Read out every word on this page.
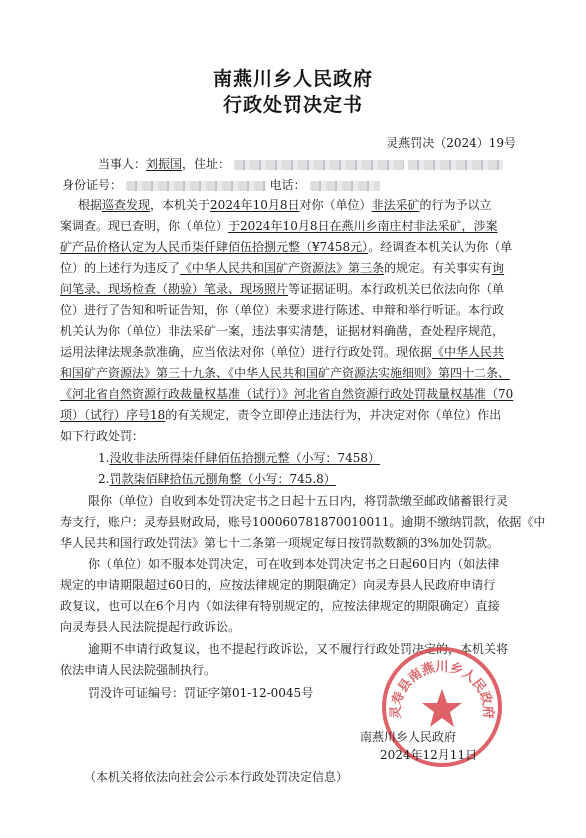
南燕川乡人民政府
行政处罚决定书
灵燕罚决（2024）19号
当事人：刘振国，住址：
身份证号：	电话：
根据巡查发现，本机关于2024年10月8日对你（单位）非法采矿的行为予以立
案调查。现已查明，你（单位）于2024年10月8日在燕川乡南庄村非法采矿，涉案
矿产品价格认定为人民币柒仟肆佰伍拾捌元整（¥7458元）。经调查本机关认为你（单
位）的上述行为违反了《中华人民共和国矿产资源法》第三条的规定。有关事实有询
问笔录、现场检查（勘验）笔录、现场照片等证据证明。本行政机关已依法向你（单
位）进行了告知和听证告知，你（单位）未要求进行陈述、申辩和举行听证。本行政
机关认为你（单位）非法采矿一案，违法事实清楚，证据材料确凿，查处程序规范，
运用法律法规条款准确，应当依法对你（单位）进行行政处罚。现依据《中华人民共
和国矿产资源法》第三十九条、《中华人民共和国矿产资源法实施细则》第四十二条、
《河北省自然资源行政裁量权基准（试行）》河北省自然资源行政处罚裁量权基准（70
项）（试行）序号18的有关规定，责令立即停止违法行为，并决定对你（单位）作出
如下行政处罚：
1.没收非法所得柒仟肆佰伍拾捌元整（小写：7458）
2.罚款柒佰肆拾伍元捌角整（小写：745.8）
限你（单位）自收到本处罚决定书之日起十五日内，将罚款缴至邮政储蓄银行灵
寿支行，账户：灵寿县财政局，账号100060781870010011。逾期不缴纳罚款，依据《中
华人民共和国行政处罚法》第七十二条第一项规定每日按罚款数额的3%加处罚款。
你（单位）如不服本处罚决定，可在收到本处罚决定书之日起60日内（如法律
规定的申请期限超过60日的，应按法律规定的期限确定）向灵寿县人民政府申请行
政复议，也可以在6个月内（如法律有特别规定的，应按法律规定的期限确定）直接
向灵寿县人民法院提起行政诉讼。
逾期不申请行政复议，也不提起行政诉讼，又不履行行政处罚决定的，本机关将
依法申请人民法院强制执行。
罚没许可证编号：罚证字第01-12-0045号
灵寿县南燕川乡人民政府
南燕川乡人民政府
2024年12月11日
（本机关将依法向社会公示本行政处罚决定信息）
